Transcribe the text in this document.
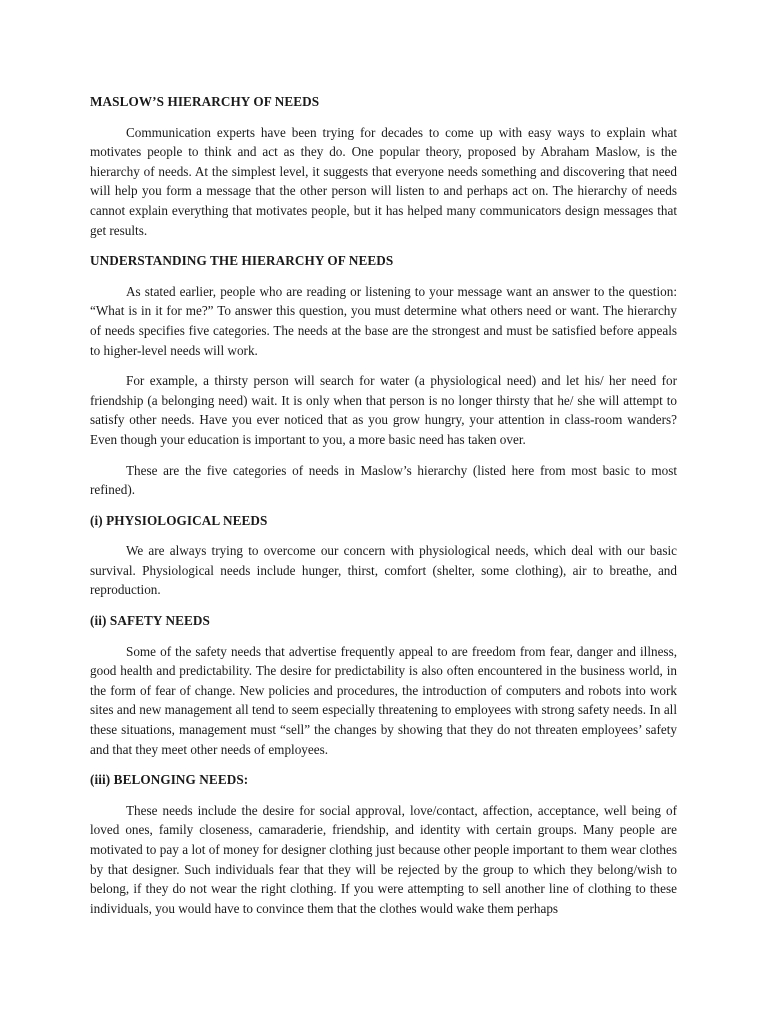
MASLOW’S HIERARCHY OF NEEDS

Communication experts have been trying for decades to come up with easy ways to explain what motivates people to think and act as they do. One popular theory, proposed by Abraham Maslow, is the hierarchy of needs. At the simplest level, it suggests that everyone needs something and discovering that need will help you form a message that the other person will listen to and perhaps act on. The hierarchy of needs cannot explain everything that motivates people, but it has helped many communicators design messages that get results.

UNDERSTANDING THE HIERARCHY OF NEEDS

As stated earlier, people who are reading or listening to your message want an answer to the question: “What is in it for me?” To answer this question, you must determine what others need or want. The hierarchy of needs specifies five categories. The needs at the base are the strongest and must be satisfied before appeals to higher-level needs will work.

For example, a thirsty person will search for water (a physiological need) and let his/ her need for friendship (a belonging need) wait. It is only when that person is no longer thirsty that he/ she will attempt to satisfy other needs. Have you ever noticed that as you grow hungry, your attention in class-room wanders? Even though your education is important to you, a more basic need has taken over.

These are the five categories of needs in Maslow’s hierarchy (listed here from most basic to most refined).

(i) PHYSIOLOGICAL NEEDS

We are always trying to overcome our concern with physiological needs, which deal with our basic survival. Physiological needs include hunger, thirst, comfort (shelter, some clothing), air to breathe, and reproduction.

(ii) SAFETY NEEDS

Some of the safety needs that advertise frequently appeal to are freedom from fear, danger and illness, good health and predictability. The desire for predictability is also often encountered in the business world, in the form of fear of change. New policies and procedures, the introduction of computers and robots into work sites and new management all tend to seem especially threatening to employees with strong safety needs. In all these situations, management must “sell” the changes by showing that they do not threaten employees’ safety and that they meet other needs of employees.

(iii) BELONGING NEEDS:

These needs include the desire for social approval, love/contact, affection, acceptance, well being of loved ones, family closeness, camaraderie, friendship, and identity with certain groups. Many people are motivated to pay a lot of money for designer clothing just because other people important to them wear clothes by that designer. Such individuals fear that they will be rejected by the group to which they belong/wish to belong, if they do not wear the right clothing. If you were attempting to sell another line of clothing to these individuals, you would have to convince them that the clothes would wake them perhaps
